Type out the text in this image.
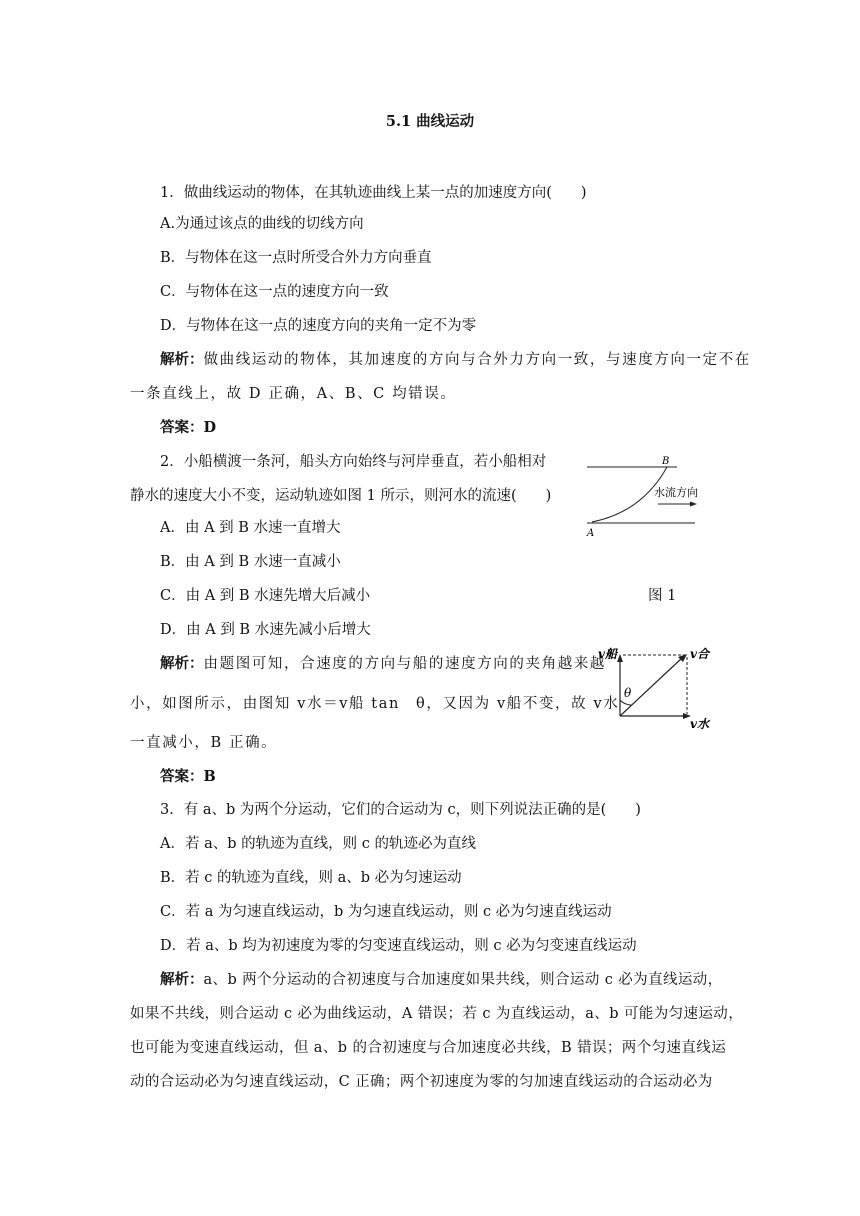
5.1 曲线运动
1．做曲线运动的物体，在其轨迹曲线上某一点的加速度方向(　　)
A.为通过该点的曲线的切线方向
B．与物体在这一点时所受合外力方向垂直
C．与物体在这一点的速度方向一致
D．与物体在这一点的速度方向的夹角一定不为零
解析：做曲线运动的物体，其加速度的方向与合外力方向一致，与速度方向一定不在
一条直线上，故 D 正确，A、B、C 均错误。
答案：D
2．小船横渡一条河，船头方向始终与河岸垂直，若小船相对
静水的速度大小不变，运动轨迹如图 1 所示，则河水的流速(　　)
A．由 A 到 B 水速一直增大
B．由 A 到 B 水速一直减小
C．由 A 到 B 水速先增大后减小
D．由 A 到 B 水速先减小后增大
图 1
B
A
水流方向
解析：由题图可知，合速度的方向与船的速度方向的夹角越来越
小，如图所示，由图知 v水＝v船 tan　θ，又因为 v船不变，故 v水
一直减小，B 正确。
v船	v合
v水
θ
答案：B
3．有 a、b 为两个分运动，它们的合运动为 c，则下列说法正确的是(　　)
A．若 a、b 的轨迹为直线，则 c 的轨迹必为直线
B．若 c 的轨迹为直线，则 a、b 必为匀速运动
C．若 a 为匀速直线运动，b 为匀速直线运动，则 c 必为匀速直线运动
D．若 a、b 均为初速度为零的匀变速直线运动，则 c 必为匀变速直线运动
解析：a、b 两个分运动的合初速度与合加速度如果共线，则合运动 c 必为直线运动，
如果不共线，则合运动 c 必为曲线运动，A 错误；若 c 为直线运动，a、b 可能为匀速运动，
也可能为变速直线运动，但 a、b 的合初速度与合加速度必共线，B 错误；两个匀速直线运
动的合运动必为匀速直线运动，C 正确；两个初速度为零的匀加速直线运动的合运动必为
